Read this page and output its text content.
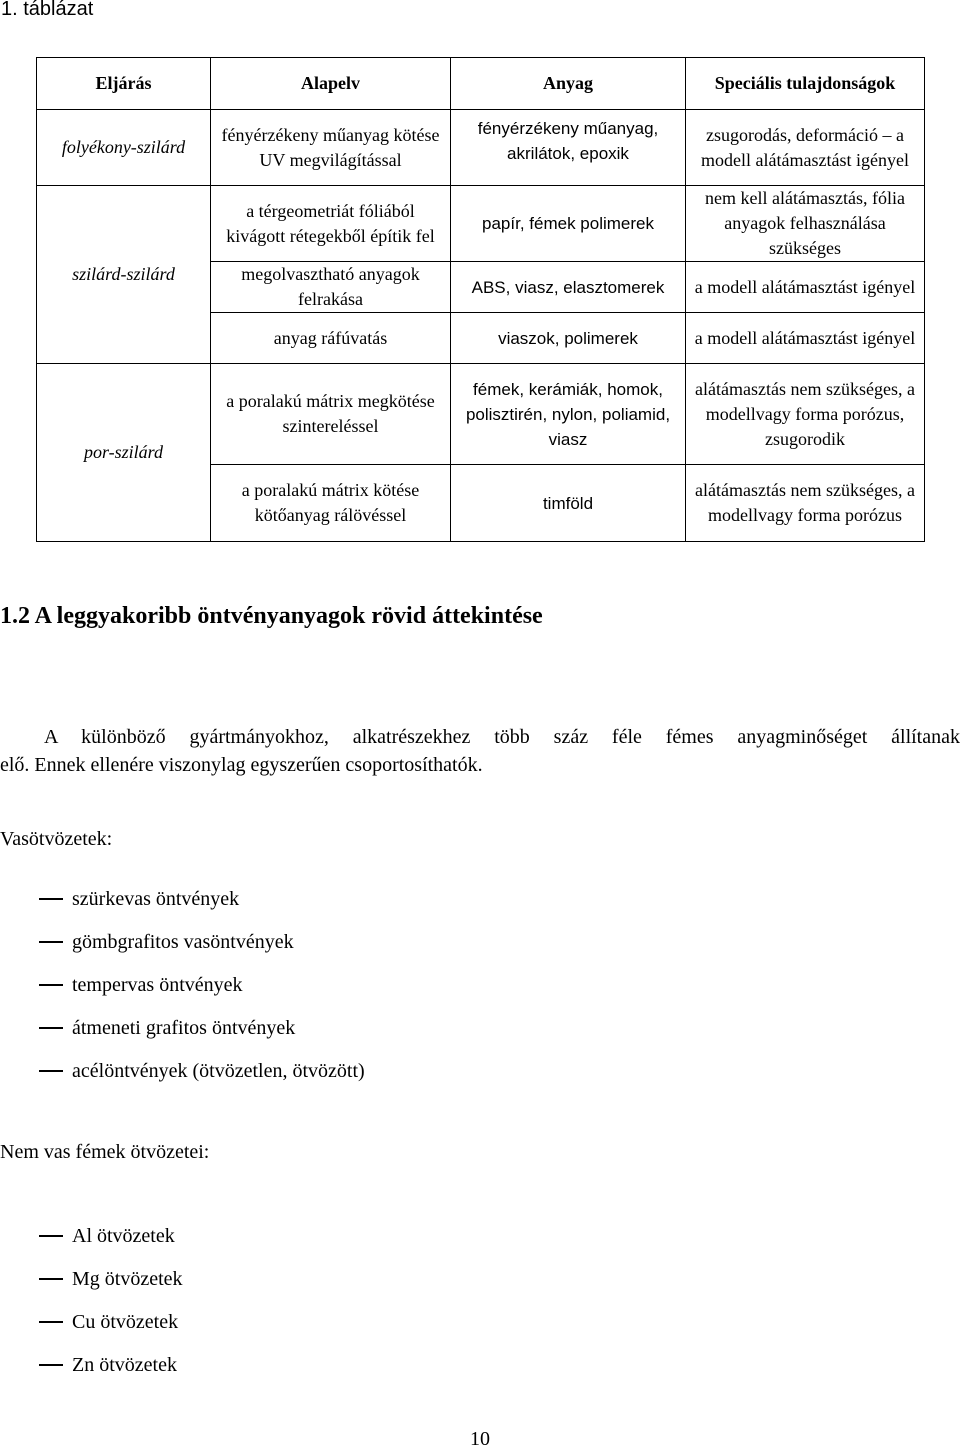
1. táblázat
Eljárás	Alapelv	Anyag	Speciális tulajdonságok
folyékony-szilárd	fényérzékeny műanyag kötése UV megvilágítással	fényérzékeny műanyag, akrilátok, epoxik	zsugorodás, deformáció – a modell alátámasztást igényel
szilárd-szilárd	a térgeometriát fóliából kivágott rétegekből építik fel	papír, fémek polimerek	nem kell alátámasztás, fólia anyagok felhasználása szükséges
	megolvasztható anyagok felrakása	ABS, viasz, elasztomerek	a modell alátámasztást igényel
	anyag ráfúvatás	viaszok, polimerek	a modell alátámasztást igényel
por-szilárd	a poralakú mátrix megkötése szintereléssel	fémek, kerámiák, homok, polisztirén, nylon, poliamid, viasz	alátámasztás nem szükséges, a modellvagy forma porózus, zsugorodik
	a poralakú mátrix kötése kötőanyag rálövéssel	timföld	alátámasztás nem szükséges, a modellvagy forma porózus
1.2 A leggyakoribb öntvényanyagok rövid áttekintése
A különböző gyártmányokhoz, alkatrészekhez több száz féle fémes anyagminőséget állítanak
elő. Ennek ellenére viszonylag egyszerűen csoportosíthatók.
Vasötvözetek:
szürkevas öntvények
gömbgrafitos vasöntvények
tempervas öntvények
átmeneti grafitos öntvények
acélöntvények (ötvözetlen, ötvözött)
Nem vas fémek ötvözetei:
Al ötvözetek
Mg ötvözetek
Cu ötvözetek
Zn ötvözetek
10
